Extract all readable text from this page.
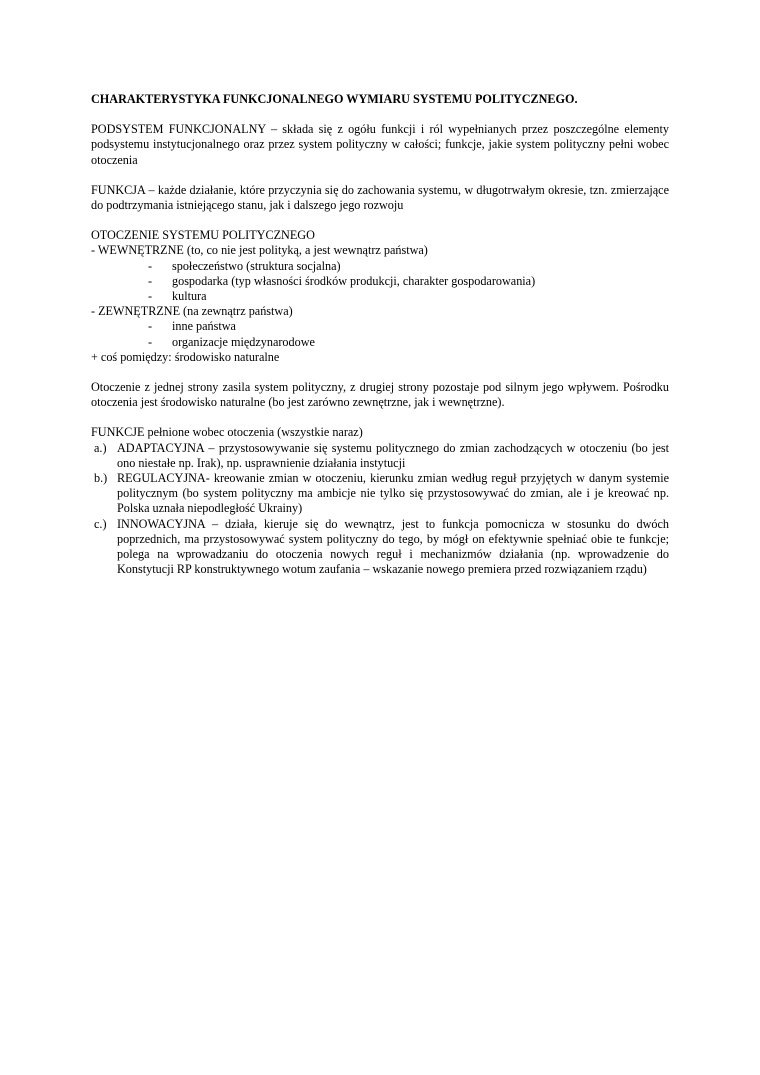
CHARAKTERYSTYKA FUNKCJONALNEGO WYMIARU SYSTEMU POLITYCZNEGO.

PODSYSTEM FUNKCJONALNY – składa się z ogółu funkcji i ról wypełnianych przez poszczególne elementy podsystemu instytucjonalnego oraz przez system polityczny w całości; funkcje, jakie system polityczny pełni wobec otoczenia

FUNKCJA – każde działanie, które przyczynia się do zachowania systemu, w długotrwałym okresie, tzn. zmierzające do podtrzymania istniejącego stanu, jak i dalszego jego rozwoju

OTOCZENIE SYSTEMU POLITYCZNEGO

- WEWNĘTRZNE (to, co nie jest polityką, a jest wewnątrz państwa)

- społeczeństwo (struktura socjalna)
- gospodarka (typ własności środków produkcji, charakter gospodarowania)
- kultura

- ZEWNĘTRZNE (na zewnątrz państwa)

- inne państwa
- organizacje międzynarodowe

+ coś pomiędzy: środowisko naturalne

Otoczenie z jednej strony zasila system polityczny, z drugiej strony pozostaje pod silnym jego wpływem. Pośrodku otoczenia jest środowisko naturalne (bo jest zarówno zewnętrzne, jak i wewnętrzne).

FUNKCJE pełnione wobec otoczenia (wszystkie naraz)

a.) ADAPTACYJNA – przystosowywanie się systemu politycznego do zmian zachodzących w otoczeniu (bo jest ono niestałe np. Irak), np. usprawnienie działania instytucji
b.) REGULACYJNA- kreowanie zmian w otoczeniu, kierunku zmian według reguł przyjętych w danym systemie politycznym (bo system polityczny ma ambicje nie tylko się przystosowywać do zmian, ale i je kreować np. Polska uznała niepodległość Ukrainy)
c.) INNOWACYJNA – działa, kieruje się do wewnątrz, jest to funkcja pomocnicza w stosunku do dwóch poprzednich, ma przystosowywać system polityczny do tego, by mógł on efektywnie spełniać obie te funkcje; polega na wprowadzaniu do otoczenia nowych reguł i mechanizmów działania (np. wprowadzenie do Konstytucji RP konstruktywnego wotum zaufania – wskazanie nowego premiera przed rozwiązaniem rządu)
